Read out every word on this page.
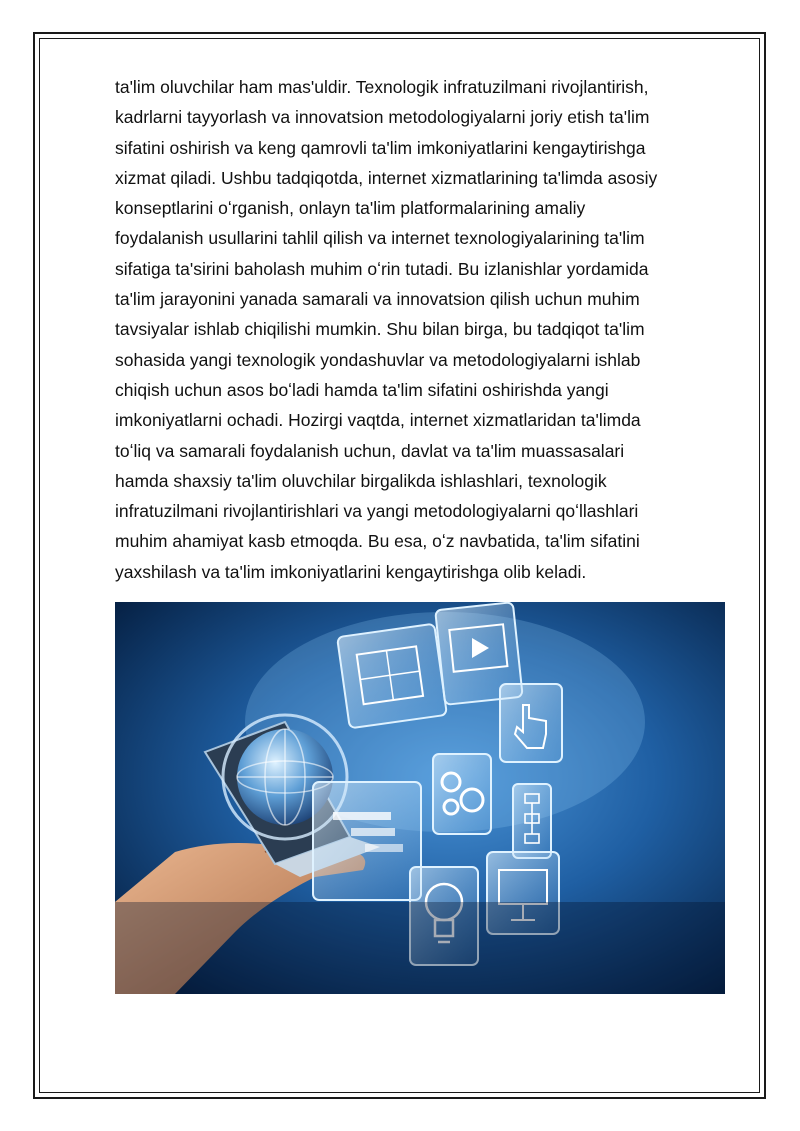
ta'lim oluvchilar ham mas'uldir. Texnologik infratuzilmani rivojlantirish,
kadrlarni tayyorlash va innovatsion metodologiyalarni joriy etish ta'lim
sifatini oshirish va keng qamrovli ta'lim imkoniyatlarini kengaytirishga
xizmat qiladi. Ushbu tadqiqotda, internet xizmatlarining ta'limda asosiy
konseptlarini oʻrganish, onlayn ta'lim platformalarining amaliy
foydalanish usullarini tahlil qilish va internet texnologiyalarining ta'lim
sifatiga ta'sirini baholash muhim oʻrin tutadi. Bu izlanishlar yordamida
ta'lim jarayonini yanada samarali va innovatsion qilish uchun muhim
tavsiyalar ishlab chiqilishi mumkin. Shu bilan birga, bu tadqiqot ta'lim
sohasida yangi texnologik yondashuvlar va metodologiyalarni ishlab
chiqish uchun asos boʻladi hamda ta'lim sifatini oshirishda yangi
imkoniyatlarni ochadi. Hozirgi vaqtda, internet xizmatlaridan ta'limda
toʻliq va samarali foydalanish uchun, davlat va ta'lim muassasalari
hamda shaxsiy ta'lim oluvchilar birgalikda ishlashlari, texnologik
infratuzilmani rivojlantirishlari va yangi metodologiyalarni qoʻllashlari
muhim ahamiyat kasb etmoqda. Bu esa, oʻz navbatida, ta'lim sifatini
yaxshilash va ta'lim imkoniyatlarini kengaytirishga olib keladi.
